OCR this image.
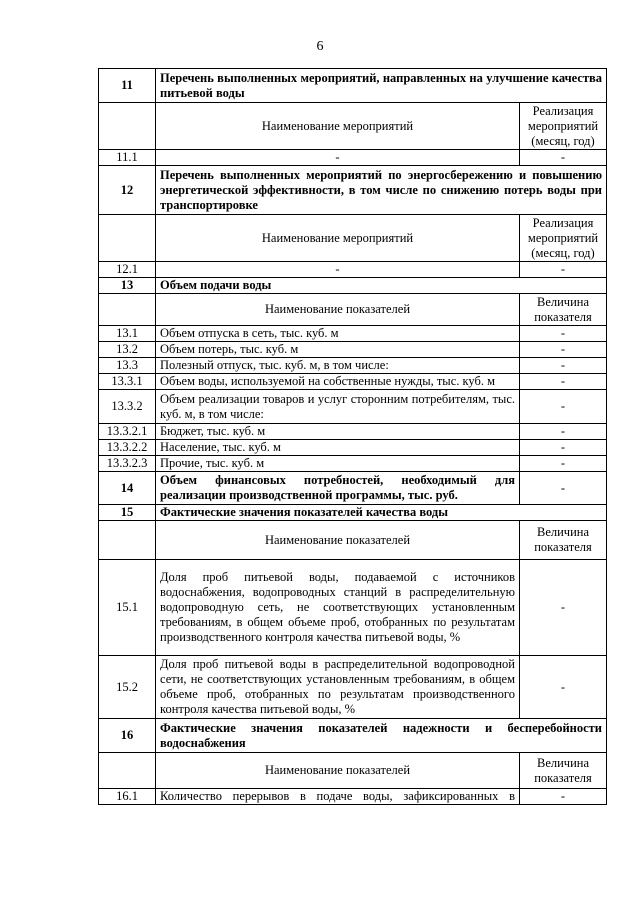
6
11	Перечень выполненных мероприятий, направленных на улучшение качества питьевой воды	
	Наименование мероприятий	Реализация мероприятий (месяц, год)
11.1	-	-
12	Перечень выполненных мероприятий по энергосбережению и повышению энергетической эффективности, в том числе по снижению потерь воды при транспортировке	
	Наименование мероприятий	Реализация мероприятий (месяц, год)
12.1	-	-
13	Объем подачи воды	
	Наименование показателей	Величина показателя
13.1	Объем отпуска в сеть, тыс. куб. м	-
13.2	Объем потерь, тыс. куб. м	-
13.3	Полезный отпуск, тыс. куб. м, в том числе:	-
13.3.1	Объем воды, используемой на собственные нужды, тыс. куб. м	-
13.3.2	Объем реализации товаров и услуг сторонним потребителям, тыс. куб. м, в том числе:	-
13.3.2.1	Бюджет, тыс. куб. м	-
13.3.2.2	Население, тыс. куб. м	-
13.3.2.3	Прочие, тыс. куб. м	-
14	Объем финансовых потребностей, необходимый для реализации производственной программы, тыс. руб.	-
15	Фактические значения показателей качества воды	
	Наименование показателей	Величина показателя
15.1	Доля проб питьевой воды, подаваемой с источников водоснабжения, водопроводных станций в распределительную водопроводную сеть, не соответствующих установленным требованиям, в общем объеме проб, отобранных по результатам производственного контроля качества питьевой воды, %	-
15.2	Доля проб питьевой воды в распределительной водопроводной сети, не соответствующих установленным требованиям, в общем объеме проб, отобранных по результатам производственного контроля качества питьевой воды, %	-
16	Фактические значения показателей надежности и бесперебойности водоснабжения	
	Наименование показателей	Величина показателя
16.1	Количество перерывов в подаче воды, зафиксированных в	-
